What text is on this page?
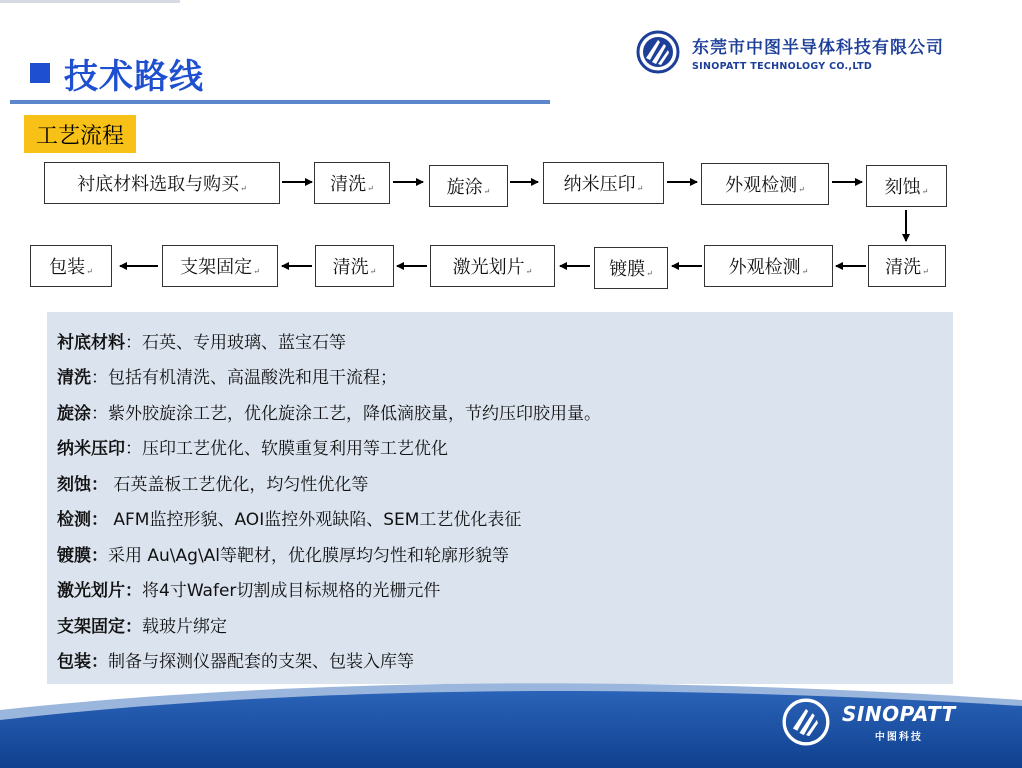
技术路线
东莞市中图半导体科技有限公司
SINOPATT TECHNOLOGY CO.,LTD
工艺流程
衬底材料选取与购买 ↵	清洗 ↵	旋涂 ↵	纳米压印 ↵	外观检测 ↵	刻蚀 ↵
包装 ↵	支架固定 ↵	清洗 ↵	激光划片 ↵	镀膜 ↵	外观检测 ↵	清洗 ↵
衬底材料：石英、专用玻璃、蓝宝石等
清洗：包括有机清洗、高温酸洗和甩干流程；
旋涂：紫外胶旋涂工艺，优化旋涂工艺，降低滴胶量，节约压印胶用量。
纳米压印：压印工艺优化、软膜重复利用等工艺优化
刻蚀： 石英盖板工艺优化，均匀性优化等
检测： AFM监控形貌、AOI监控外观缺陷、SEM工艺优化表征
镀膜：采用 Au\Ag\Al等靶材，优化膜厚均匀性和轮廓形貌等
激光划片：将4寸Wafer切割成目标规格的光栅元件
支架固定：载玻片绑定
包装：制备与探测仪器配套的支架、包装入库等
SINOPATT
中图科技
